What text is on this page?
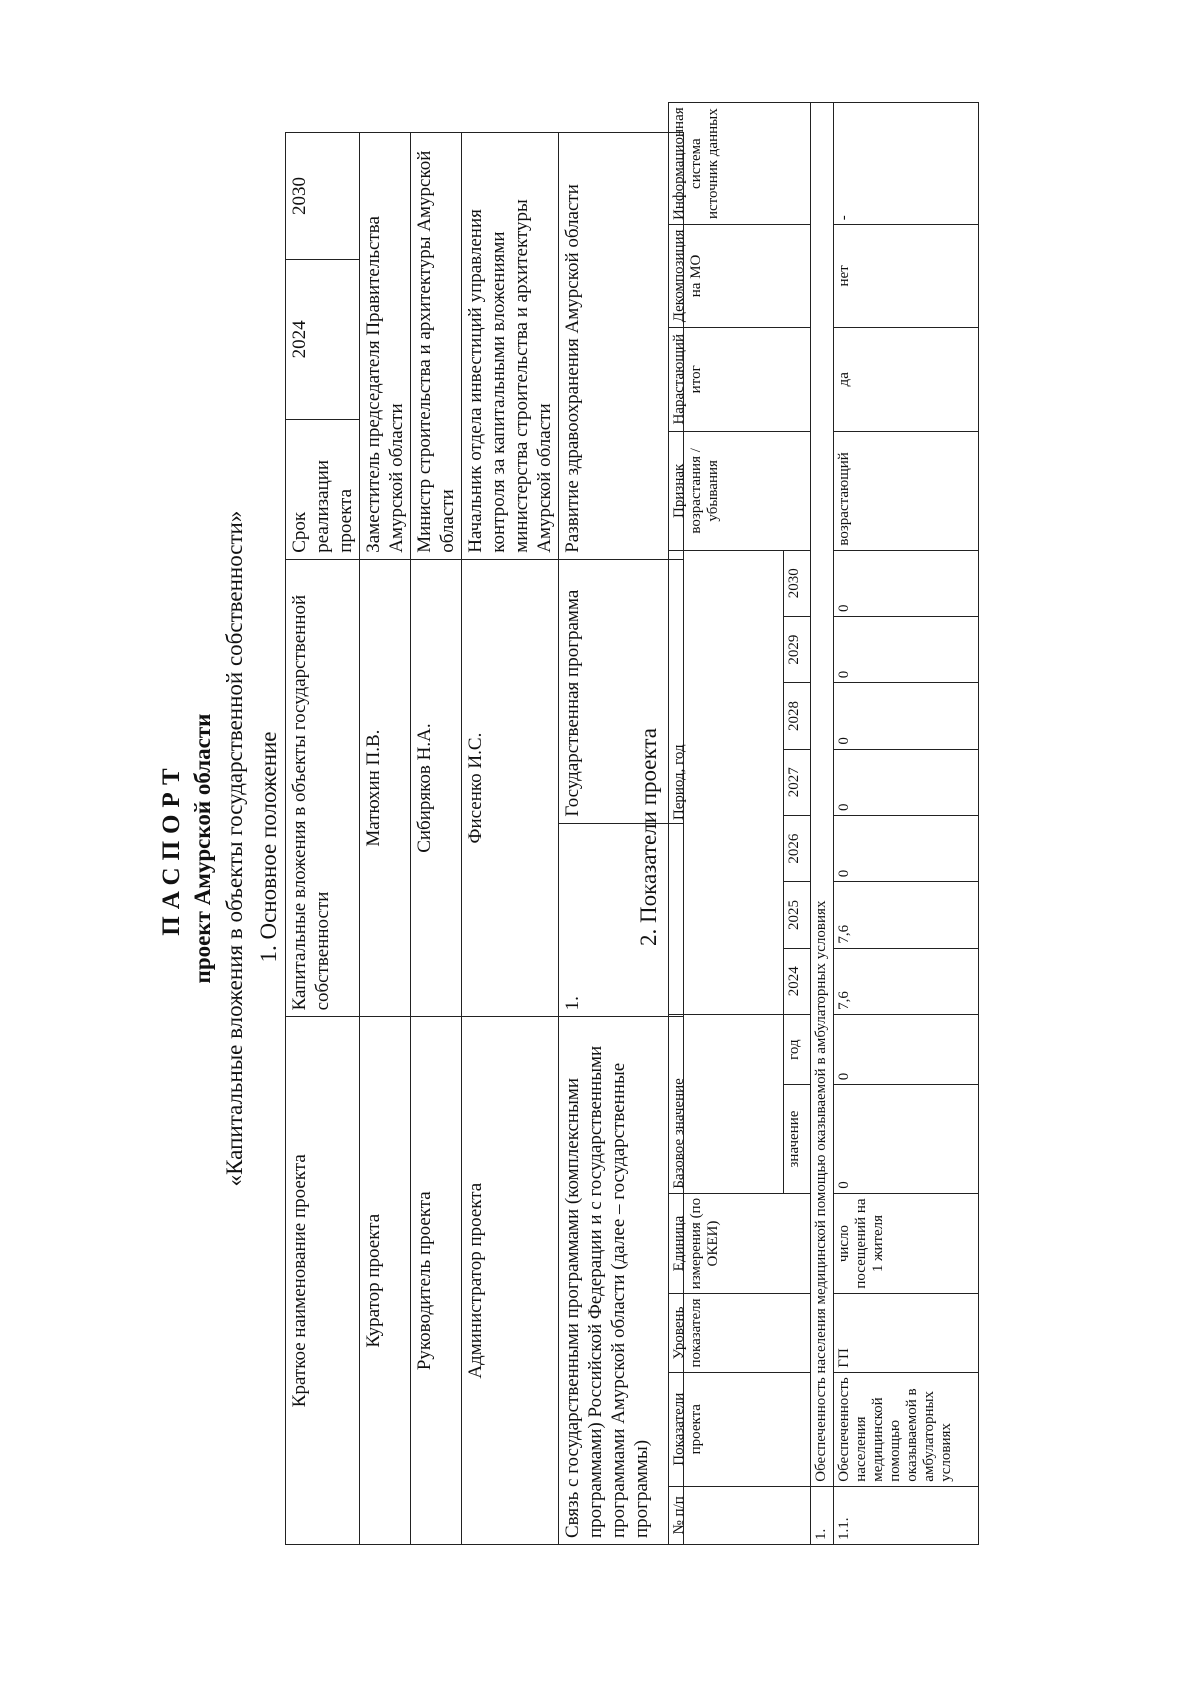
ПАСПОРТ проект Амурской области «Капитальные вложения в объекты государственной собственности» 1. Основное положение
Краткое наименование проекта	Капитальные вложения в объекты государственной собственности		Срок реализации проекта	2024	2030
Куратор проекта	Матюхин П.В.		Заместитель председателя Правительства Амурской области		
Руководитель проекта	Сибиряков Н.А.		Министр строительства и архитектуры Амурской области		
Администратор проекта	Фисенко И.С.		Начальник отдела инвестиций управления контроля за капитальными вложениями министерства строительства и архитектуры Амурской области		
Связь с государственными программами (комплексными программами) Российской Федерации и с государственными программами Амурской области (далее – государственные программы)	1.	Государственная программа	Развитие здравоохранения Амурской области		
2. Показатели проекта
№ п/п	Показатели проекта	Уровень показателя	Единица измерения (по ОКЕИ)	Базовое значение		Период, год							Признак возрастания / убывания	Нарастающий итог	Декомпозиция на МО	Информационная система источник данных
				значение	год	2024	2025	2026	2027	2028	2029	2030				
1.	Обеспеченность населения медицинской помощью оказываемой в амбулаторных условиях															
1.1.	Обеспеченность населения медицинской помощью оказываемой в амбулаторных условиях	ГП	число посещений на 1 жителя	0	0	7,6	7,6	0	0	0	0	0	возрастающий	да	нет	-
